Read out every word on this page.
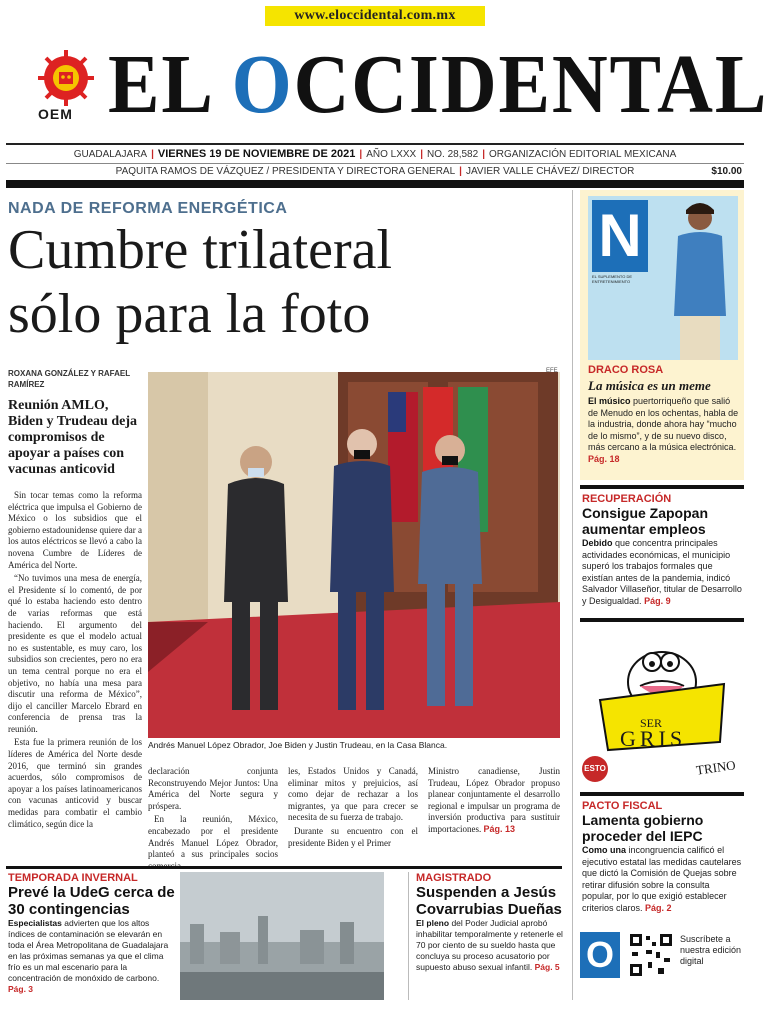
www.eloccidental.com.mx
OEM EL OCCIDENTAL
GUADALAJARA | VIERNES 19 DE NOVIEMBRE DE 2021 | AÑO LXXX | NO. 28,582 | ORGANIZACIÓN EDITORIAL MEXICANA
PAQUITA RAMOS DE VÁZQUEZ / PRESIDENTA Y DIRECTORA GENERAL | JAVIER VALLE CHÁVEZ/ DIRECTOR	$10.00
NADA DE REFORMA ENERGÉTICA
Cumbre trilateral
sólo para la foto
ROXANA GONZÁLEZ Y RAFAEL RAMÍREZ
Reunión AMLO, Biden y Trudeau deja compromisos de apoyar a países con vacunas anticovid

Sin tocar temas como la reforma eléctrica que impulsa el Gobierno de México o los subsidios que el gobierno estadounidense quiere dar a los autos eléctricos se llevó a cabo la novena Cumbre de Líderes de América del Norte.

“No tuvimos una mesa de energía, el Presidente sí lo comentó, de por qué lo estaba haciendo esto dentro de varias reformas que está haciendo. El argumento del presidente es que el modelo actual no es sustentable, es muy caro, los subsidios son crecientes, pero no era un tema central porque no era el objetivo, no había una mesa para discutir una reforma de México”, dijo el canciller Marcelo Ebrard en conferencia de prensa tras la reunión.

Esta fue la primera reunión de los líderes de América del Norte desde 2016, que terminó sin grandes acuerdos, sólo compromisos de apoyar a los países latinoamericanos con vacunas anticovid y buscar medidas para combatir el cambio climático, según dice la

EFE
Andrés Manuel López Obrador, Joe Biden y Justin Trudeau, en la Casa Blanca.

declaración conjunta Reconstruyendo Mejor Juntos: Una América del Norte segura y próspera.

En la reunión, México, encabezado por el presidente Andrés Manuel López Obrador, planteó a sus principales socios

les, Estados Unidos y Canadá, eliminar mitos y prejuicios, así como dejar de rechazar a los migrantes, ya que para crecer se necesita de su fuerza de trabajo.

Durante su encuentro con el presidente Biden y el Primer

Ministro canadiense, Justin Trudeau, López Obrador propuso planear conjuntamente el desarrollo regional e impulsar un programa de inversión productiva para sustituir importaciones. Pág. 13

N
EL SUPLEMENTO DE ENTRETENIMIENTO
DRACO ROSA
La música es un meme
El músico puertorriqueño que salió de Menudo en los ochentas, habla de la industria, donde ahora hay “mucho de lo mismo”, y de su nuevo disco, más cercano a la música electrónica. Pág. 18
RECUPERACIÓN
Consigue Zapopan aumentar empleos
Debido que concentra principales actividades económicas, el municipio superó los trabajos formales que existían antes de la pandemia, indicó Salvador Villaseñor, titular de Desarrollo y Desigualdad. Pág. 9
SER
GRIS
ESTO	TRINO
PACTO FISCAL
Lamenta gobierno proceder del IEPC
Como una incongruencia calificó el ejecutivo estatal las medidas cautelares que dictó la Comisión de Quejas sobre retirar difusión sobre la consulta popular, por lo que exigió establecer criterios claros. Pág. 2
O	Suscríbete a nuestra edición digital
TEMPORADA INVERNAL
Prevé la UdeG cerca de 30 contingencias
Especialistas advierten que los altos índices de contaminación se elevarán en toda el Área Metropolitana de Guadalajara en las próximas semanas ya que el clima frío es un mal escenario para la concentración de monóxido de carbono. Pág. 3
MAGISTRADO
Suspenden a Jesús Covarrubias Dueñas
El pleno del Poder Judicial aprobó inhabilitar temporalmente y retenerle el 70 por ciento de su sueldo hasta que concluya su proceso acusatorio por supuesto abuso sexual infantil. Pág. 5
